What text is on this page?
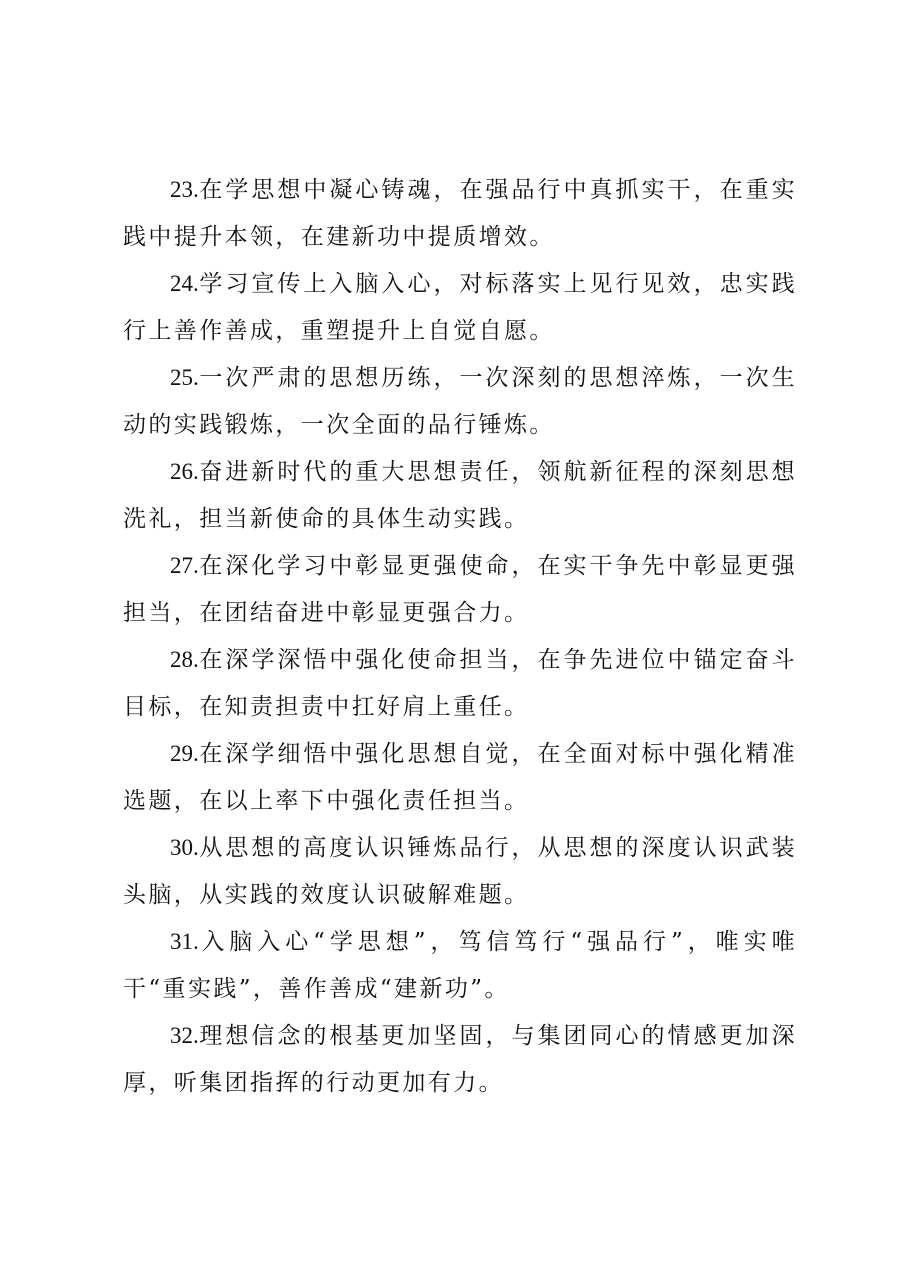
23.在学思想中凝心铸魂，在强品行中真抓实干，在重实践中提升本领，在建新功中提质增效。

24.学习宣传上入脑入心，对标落实上见行见效，忠实践行上善作善成，重塑提升上自觉自愿。

25.一次严肃的思想历练，一次深刻的思想淬炼，一次生动的实践锻炼，一次全面的品行锤炼。

26.奋进新时代的重大思想责任，领航新征程的深刻思想洗礼，担当新使命的具体生动实践。

27.在深化学习中彰显更强使命，在实干争先中彰显更强担当，在团结奋进中彰显更强合力。

28.在深学深悟中强化使命担当，在争先进位中锚定奋斗目标，在知责担责中扛好肩上重任。

29.在深学细悟中强化思想自觉，在全面对标中强化精准选题，在以上率下中强化责任担当。

30.从思想的高度认识锤炼品行，从思想的深度认识武装头脑，从实践的效度认识破解难题。

31.入脑入心“学思想”，笃信笃行“强品行”，唯实唯干“重实践”，善作善成“建新功”。

32.理想信念的根基更加坚固，与集团同心的情感更加深厚，听集团指挥的行动更加有力。
